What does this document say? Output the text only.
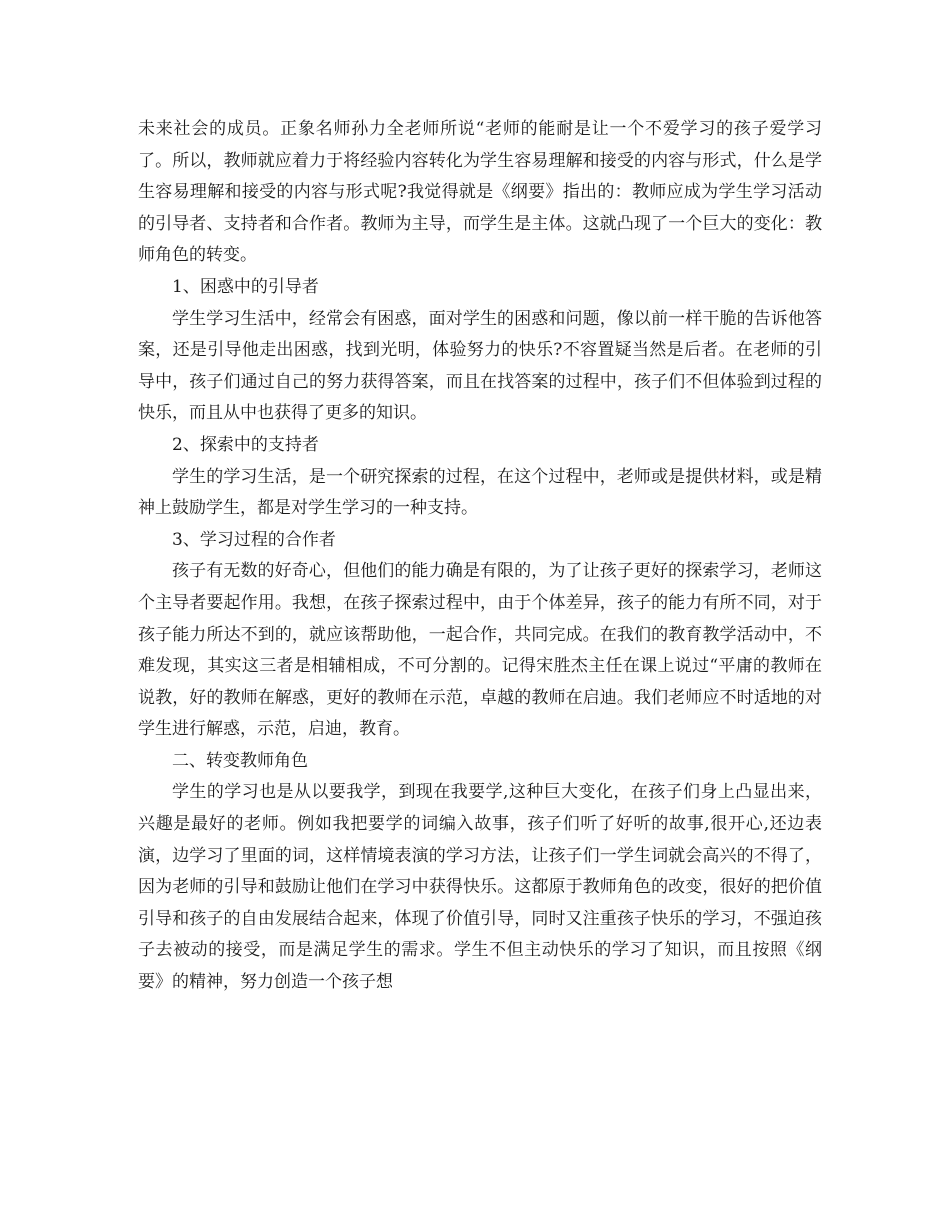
未来社会的成员。正象名师孙力全老师所说“老师的能耐是让一个不爱学习的孩子爱学习了。所以，教师就应着力于将经验内容转化为学生容易理解和接受的内容与形式，什么是学生容易理解和接受的内容与形式呢?我觉得就是《纲要》指出的：教师应成为学生学习活动的引导者、支持者和合作者。教师为主导，而学生是主体。这就凸现了一个巨大的变化：教师角色的转变。

1、困惑中的引导者

学生学习生活中，经常会有困惑，面对学生的困惑和问题，像以前一样干脆的告诉他答案，还是引导他走出困惑，找到光明，体验努力的快乐?不容置疑当然是后者。在老师的引导中，孩子们通过自己的努力获得答案，而且在找答案的过程中，孩子们不但体验到过程的快乐，而且从中也获得了更多的知识。

2、探索中的支持者

学生的学习生活，是一个研究探索的过程，在这个过程中，老师或是提供材料，或是精神上鼓励学生，都是对学生学习的一种支持。

3、学习过程的合作者

孩子有无数的好奇心，但他们的能力确是有限的，为了让孩子更好的探索学习，老师这个主导者要起作用。我想，在孩子探索过程中，由于个体差异，孩子的能力有所不同，对于孩子能力所达不到的，就应该帮助他，一起合作，共同完成。在我们的教育教学活动中，不难发现，其实这三者是相辅相成，不可分割的。记得宋胜杰主任在课上说过“平庸的教师在说教，好的教师在解惑，更好的教师在示范，卓越的教师在启迪。我们老师应不时适地的对学生进行解惑，示范，启迪，教育。

二、转变教师角色

学生的学习也是从以要我学，到现在我要学,这种巨大变化，在孩子们身上凸显出来，兴趣是最好的老师。例如我把要学的词编入故事，孩子们听了好听的故事,很开心,还边表演，边学习了里面的词，这样情境表演的学习方法，让孩子们一学生词就会高兴的不得了，因为老师的引导和鼓励让他们在学习中获得快乐。这都原于教师角色的改变，很好的把价值引导和孩子的自由发展结合起来，体现了价值引导，同时又注重孩子快乐的学习，不强迫孩子去被动的接受，而是满足学生的需求。学生不但主动快乐的学习了知识，而且按照《纲要》的精神，努力创造一个孩子想
